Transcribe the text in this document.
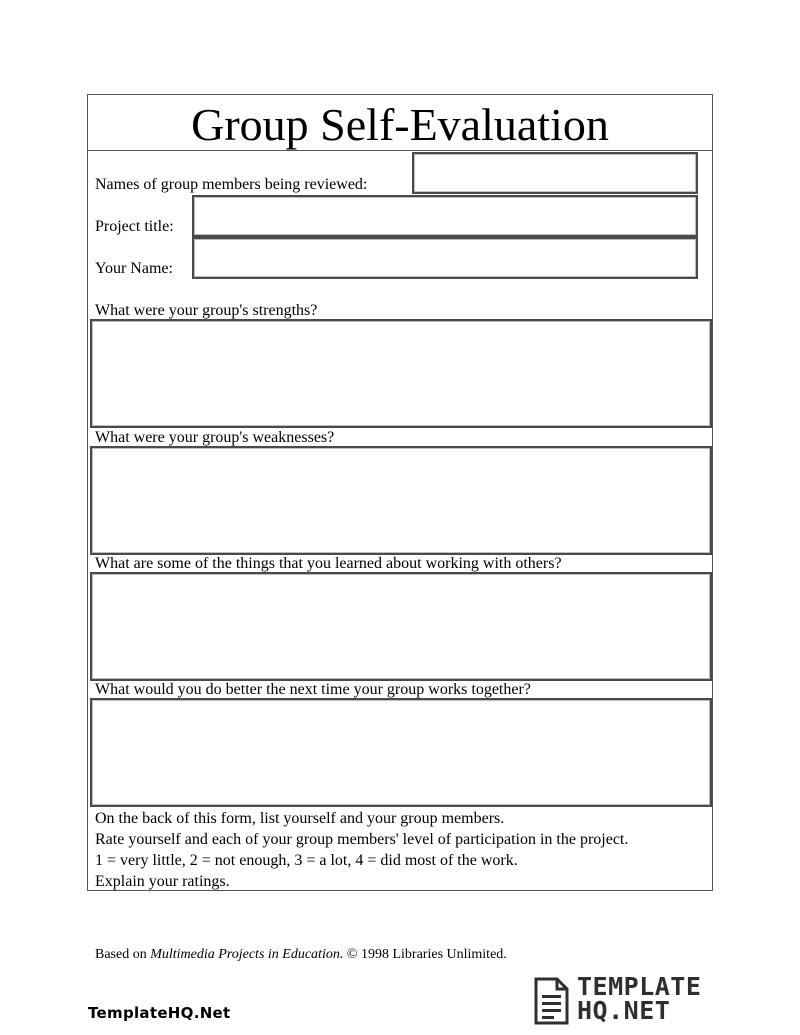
Group Self-Evaluation
Names of group members being reviewed:
Project title:
Your Name:
What were your group's strengths?
What were your group's weaknesses?
What are some of the things that you learned about working with others?
What would you do better the next time your group works together?
On the back of this form, list yourself and your group members.
Rate yourself and each of your group members' level of participation in the project.
1 = very little, 2 = not enough, 3 = a lot, 4 = did most of the work.
Explain your ratings.
Based on Multimedia Projects in Education. © 1998 Libraries Unlimited.
TemplateHQ.Net
TEMPLATE
HQ.NET
